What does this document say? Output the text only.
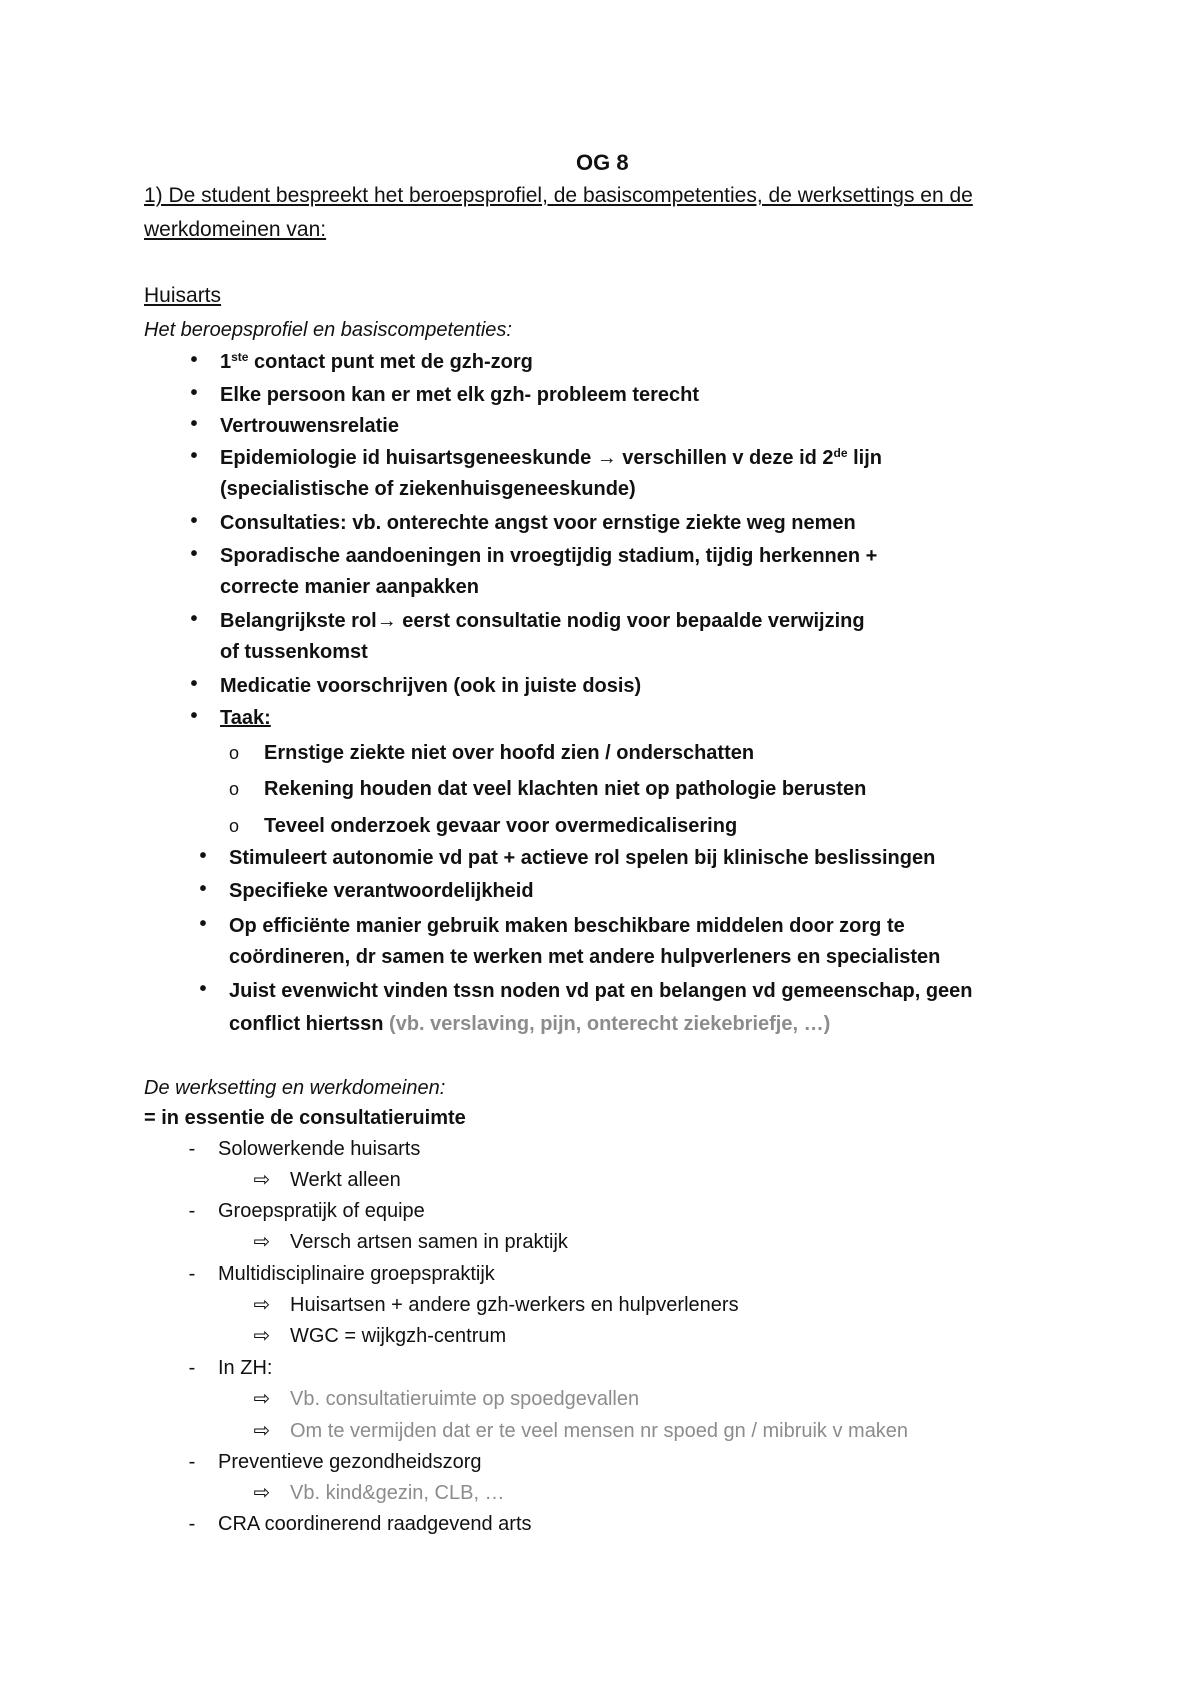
OG 8
1) De student bespreekt het beroepsprofiel, de basiscompetenties, de werksettings en de
werkdomeinen van:
Huisarts
Het beroepsprofiel en basiscompetenties:
•	1ste contact punt met de gzh-zorg
•	Elke persoon kan er met elk gzh- probleem terecht
•	Vertrouwensrelatie
•	Epidemiologie id huisartsgeneeskunde → verschillen v deze id 2de lijn
(specialistische of ziekenhuisgeneeskunde)
•	Consultaties: vb. onterechte angst voor ernstige ziekte weg nemen
•	Sporadische aandoeningen in vroegtijdig stadium, tijdig herkennen +
correcte manier aanpakken
•	Belangrijkste rol→ eerst consultatie nodig voor bepaalde verwijzing
of tussenkomst
•	Medicatie voorschrijven (ook in juiste dosis)
•	Taak:
o	Ernstige ziekte niet over hoofd zien / onderschatten
o	Rekening houden dat veel klachten niet op pathologie berusten
o	Teveel onderzoek gevaar voor overmedicalisering
•	Stimuleert autonomie vd pat + actieve rol spelen bij klinische beslissingen
•	Specifieke verantwoordelijkheid
•	Op efficiënte manier gebruik maken beschikbare middelen door zorg te
coördineren, dr samen te werken met andere hulpverleners en specialisten
•	Juist evenwicht vinden tssn noden vd pat en belangen vd gemeenschap, geen
conflict hiertssn (vb. verslaving, pijn, onterecht ziekebriefje, …)
De werksetting en werkdomeinen:
= in essentie de consultatieruimte
-	Solowerkende huisarts
⇨ Werkt alleen
-	Groepspratijk of equipe
⇨ Versch artsen samen in praktijk
-	Multidisciplinaire groepspraktijk
⇨ Huisartsen + andere gzh-werkers en hulpverleners
⇨ WGC = wijkgzh-centrum
-	In ZH:
⇨ Vb. consultatieruimte op spoedgevallen
⇨ Om te vermijden dat er te veel mensen nr spoed gn / mibruik v maken
-	Preventieve gezondheidszorg
⇨ Vb. kind&gezin, CLB, …
-	CRA coordinerend raadgevend arts
